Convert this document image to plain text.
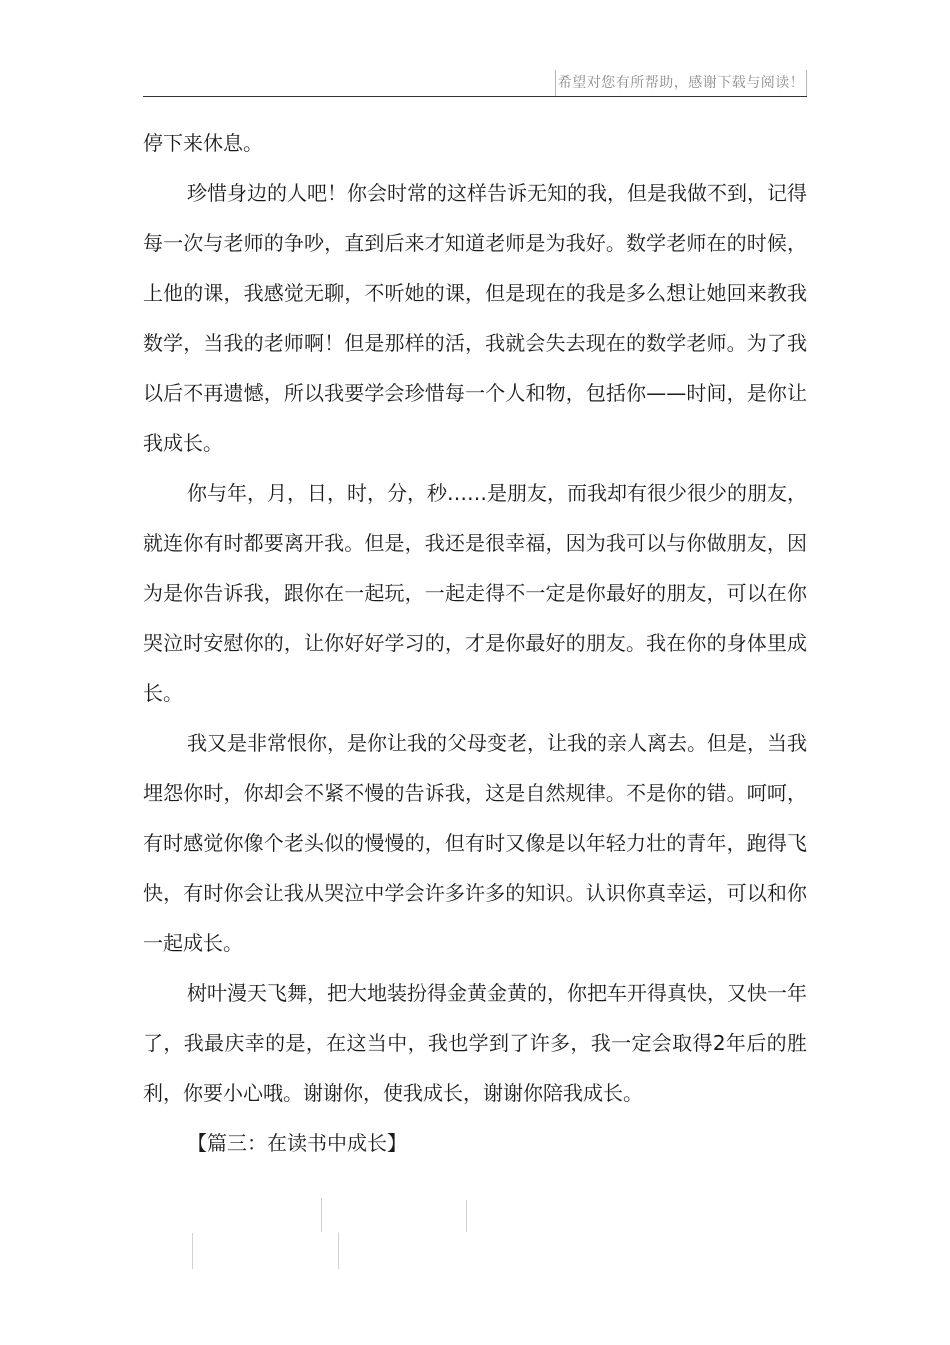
希望对您有所帮助，感谢下载与阅读！

停下来休息。

珍惜身边的人吧！你会时常的这样告诉无知的我，但是我做不到，记得每一次与老师的争吵，直到后来才知道老师是为我好。数学老师在的时候，上他的课，我感觉无聊，不听她的课，但是现在的我是多么想让她回来教我数学，当我的老师啊！但是那样的活，我就会失去现在的数学老师。为了我以后不再遗憾，所以我要学会珍惜每一个人和物，包括你——时间，是你让我成长。

你与年，月，日，时，分，秒……是朋友，而我却有很少很少的朋友，就连你有时都要离开我。但是，我还是很幸福，因为我可以与你做朋友，因为是你告诉我，跟你在一起玩，一起走得不一定是你最好的朋友，可以在你哭泣时安慰你的，让你好好学习的，才是你最好的朋友。我在你的身体里成长。

我又是非常恨你，是你让我的父母变老，让我的亲人离去。但是，当我埋怨你时，你却会不紧不慢的告诉我，这是自然规律。不是你的错。呵呵，有时感觉你像个老头似的慢慢的，但有时又像是以年轻力壮的青年，跑得飞快，有时你会让我从哭泣中学会许多许多的知识。认识你真幸运，可以和你一起成长。

树叶漫天飞舞，把大地装扮得金黄金黄的，你把车开得真快，又快一年了，我最庆幸的是，在这当中，我也学到了许多，我一定会取得2年后的胜利，你要小心哦。谢谢你，使我成长，谢谢你陪我成长。

【篇三：在读书中成长】
